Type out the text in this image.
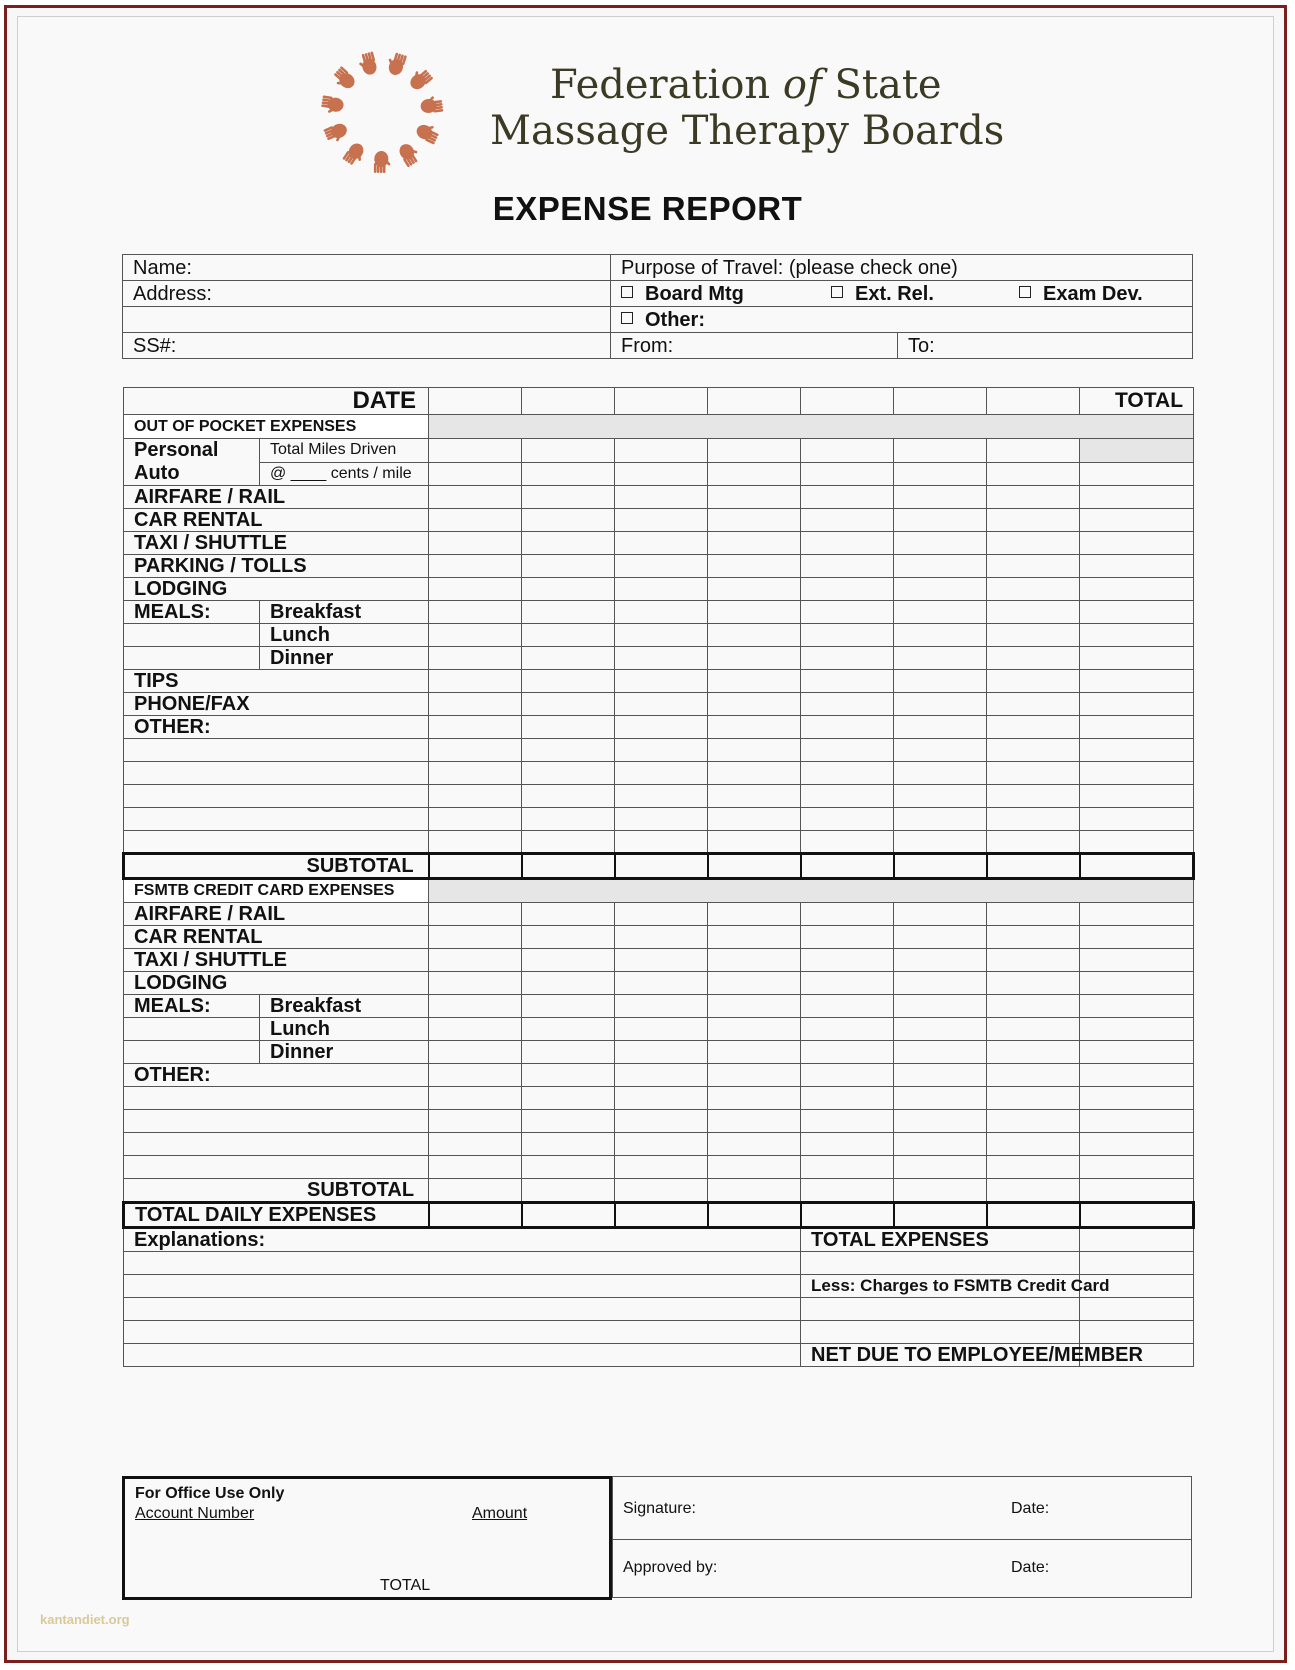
Federation of State
Massage Therapy Boards
EXPENSE REPORT
Name:	Purpose of Travel: (please check one)	
Address:	Board Mtg Ext. Rel. Exam Dev.	
	Other:	
SS#:	From:	To:
DATE									TOTAL
OUT OF POCKET EXPENSES									
Personal
Auto	Total Miles Driven								
	@ ____ cents / mile								
AIRFARE / RAIL									
CAR RENTAL									
TAXI / SHUTTLE									
PARKING / TOLLS									
LODGING									
MEALS:	Breakfast								
	Lunch								
	Dinner								
TIPS									
PHONE/FAX									
OTHER:									

SUBTOTAL									
FSMTB CREDIT CARD EXPENSES									
AIRFARE / RAIL									
CAR RENTAL									
TAXI / SHUTTLE									
LODGING									
MEALS:	Breakfast								
	Lunch								
	Dinner								
OTHER:									

SUBTOTAL									
TOTAL DAILY EXPENSES									
Explanations:						TOTAL EXPENSES			

						Less: Charges to FSMTB Credit Card			

						NET DUE TO EMPLOYEE/MEMBER			
For Office Use Only
Account Number	Amount
TOTAL
Signature:	Date:
Approved by:	Date:
kantandiet.org
